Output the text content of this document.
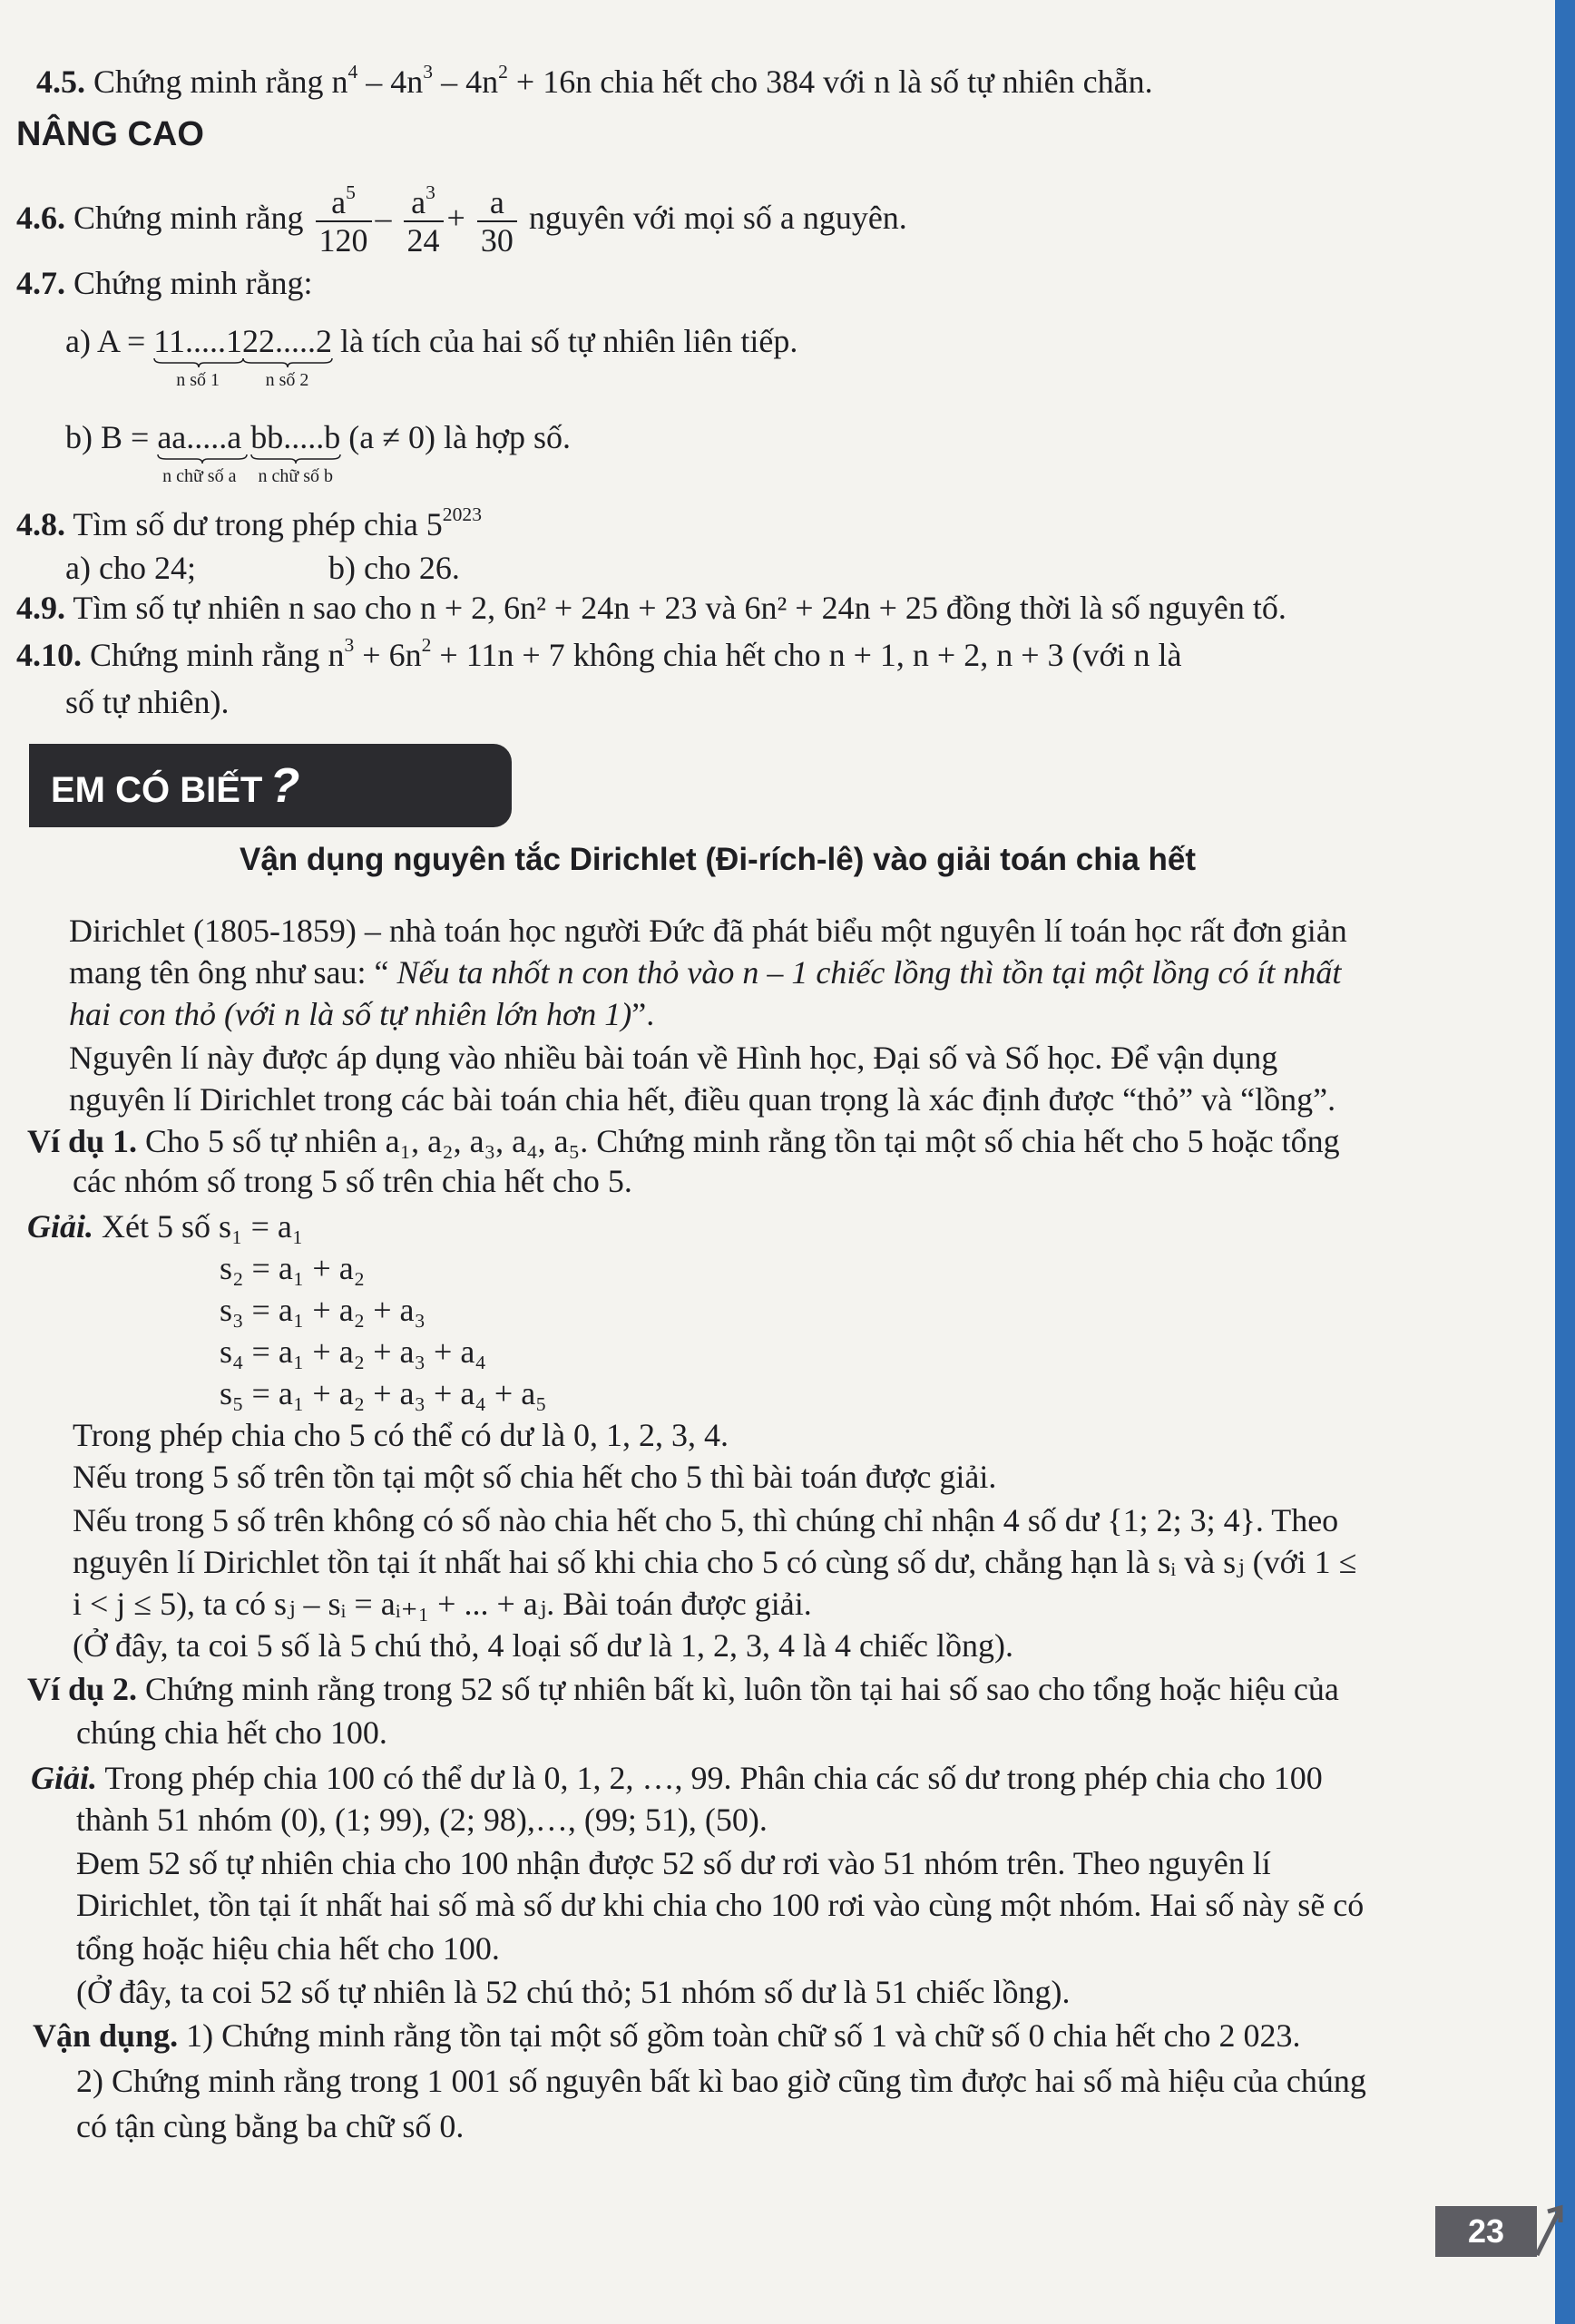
4.5. Chứng minh rằng $n^4 - 4n^3 - 4n^2 + 16n$ chia hết cho 384 với n là số tự nhiên chẵn.
NÂNG CAO
4.6. Chứng minh rằng $\frac{a^5}{120} - \frac{a^3}{24} + \frac{a}{30}$ nguyên với mọi số a nguyên.
4.7. Chứng minh rằng:
a) A = 11.....1
n số 1
22.....2
n số 2
là tích của hai số tự nhiên liên tiếp.
b) B = aa.....a
n chữ số a
bb.....b
n chữ số b
(a ≠ 0) là hợp số.
4.8. Tìm số dư trong phép chia $5^{2023}$
a) cho 24;	b) cho 26.
4.9. Tìm số tự nhiên n sao cho n + 2, 6n² + 24n + 23 và 6n² + 24n + 25 đồng thời là số nguyên tố.
4.10. Chứng minh rằng $n^3 + 6n^2 + 11n + 7$ không chia hết cho n + 1, n + 2, n + 3 (với n là
số tự nhiên).
EM CÓ BIẾT ?
Vận dụng nguyên tắc Dirichlet (Đi-rích-lê) vào giải toán chia hết
Dirichlet (1805-1859) – nhà toán học người Đức đã phát biểu một nguyên lí toán học rất đơn giản
mang tên ông như sau: “ Nếu ta nhốt n con thỏ vào n – 1 chiếc lồng thì tồn tại một lồng có ít nhất
hai con thỏ (với n là số tự nhiên lớn hơn 1)”.
Nguyên lí này được áp dụng vào nhiều bài toán về Hình học, Đại số và Số học. Để vận dụng
nguyên lí Dirichlet trong các bài toán chia hết, điều quan trọng là xác định được “thỏ” và “lồng”.
Ví dụ 1. Cho 5 số tự nhiên a₁, a₂, a₃, a₄, a₅. Chứng minh rằng tồn tại một số chia hết cho 5 hoặc tổng
các nhóm số trong 5 số trên chia hết cho 5.
Giải. Xét 5 số s₁ = a₁
s₂ = a₁ + a₂
s₃ = a₁ + a₂ + a₃
s₄ = a₁ + a₂ + a₃ + a₄
s₅ = a₁ + a₂ + a₃ + a₄ + a₅
Trong phép chia cho 5 có thể có dư là 0, 1, 2, 3, 4.
Nếu trong 5 số trên tồn tại một số chia hết cho 5 thì bài toán được giải.
Nếu trong 5 số trên không có số nào chia hết cho 5, thì chúng chỉ nhận 4 số dư {1; 2; 3; 4}. Theo
nguyên lí Dirichlet tồn tại ít nhất hai số khi chia cho 5 có cùng số dư, chẳng hạn là sᵢ và sⱼ (với 1 ≤
i < j ≤ 5), ta có sⱼ – sᵢ = aᵢ₊₁ + ... + aⱼ. Bài toán được giải.
(Ở đây, ta coi 5 số là 5 chú thỏ, 4 loại số dư là 1, 2, 3, 4 là 4 chiếc lồng).
Ví dụ 2. Chứng minh rằng trong 52 số tự nhiên bất kì, luôn tồn tại hai số sao cho tổng hoặc hiệu của
chúng chia hết cho 100.
Giải. Trong phép chia 100 có thể dư là 0, 1, 2, …, 99. Phân chia các số dư trong phép chia cho 100
thành 51 nhóm (0), (1; 99), (2; 98),…, (99; 51), (50).
Đem 52 số tự nhiên chia cho 100 nhận được 52 số dư rơi vào 51 nhóm trên. Theo nguyên lí
Dirichlet, tồn tại ít nhất hai số mà số dư khi chia cho 100 rơi vào cùng một nhóm. Hai số này sẽ có
tổng hoặc hiệu chia hết cho 100.
(Ở đây, ta coi 52 số tự nhiên là 52 chú thỏ; 51 nhóm số dư là 51 chiếc lồng).
Vận dụng. 1) Chứng minh rằng tồn tại một số gồm toàn chữ số 1 và chữ số 0 chia hết cho 2 023.
2) Chứng minh rằng trong 1 001 số nguyên bất kì bao giờ cũng tìm được hai số mà hiệu của chúng
có tận cùng bằng ba chữ số 0.
23
